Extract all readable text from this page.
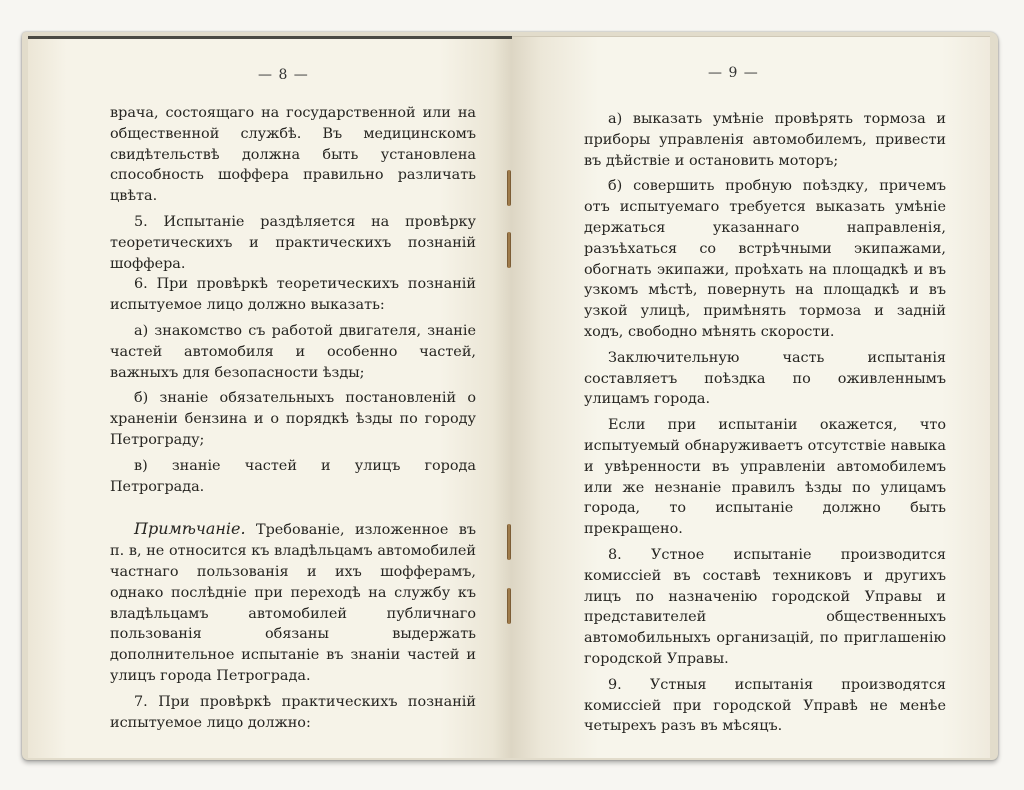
— 8 —

врача, состоящаго на государственной или на общественной службѣ. Въ медицинскомъ свидѣтельствѣ должна быть установлена способность шоффера правильно различать цвѣта.

5. Испытаніе раздѣляется на провѣрку теоретическихъ и практическихъ познаній шоффера.

6. При провѣркѣ теоретическихъ познаній испытуемое лицо должно выказать:

а) знакомство съ работой двигателя, знаніе частей автомобиля и особенно частей, важныхъ для безопасности ѣзды;

б) знаніе обязательныхъ постановленій о храненіи бензина и о порядкѣ ѣзды по городу Петрограду;

в) знаніе частей и улицъ города Петрограда.

Примѣчаніе. Требованіе, изложенное въ п. в, не относится къ владѣльцамъ автомобилей частнаго пользованія и ихъ шофферамъ, однако послѣдніе при переходѣ на службу къ владѣльцамъ автомобилей публичнаго пользованія обязаны выдержать дополнительное испытаніе въ знаніи частей и улицъ города Петрограда.

7. При провѣркѣ практическихъ познаній испытуемое лицо должно:

— 9 —

а) выказать умѣніе провѣрять тормоза и приборы управленія автомобилемъ, привести въ дѣйствіе и остановить моторъ;

б) совершить пробную поѣздку, причемъ отъ испытуемаго требуется выказать умѣніе держаться указаннаго направленія, разъѣхаться со встрѣчными экипажами, обогнать экипажи, проѣхать на площадкѣ и въ узкомъ мѣстѣ, повернуть на площадкѣ и въ узкой улицѣ, примѣнять тормоза и задній ходъ, свободно мѣнять скорости.

Заключительную часть испытанія составляетъ поѣздка по оживленнымъ улицамъ города.

Если при испытаніи окажется, что испытуемый обнаруживаетъ отсутствіе навыка и увѣренности въ управленіи автомобилемъ или же незнаніе правилъ ѣзды по улицамъ города, то испытаніе должно быть прекращено.

8. Устное испытаніе производится комиссіей въ составѣ техниковъ и другихъ лицъ по назначенію городской Управы и представителей общественныхъ автомобильныхъ организацій, по приглашенію городской Управы.

9. Устныя испытанія производятся комиссіей при городской Управѣ не менѣе четырехъ разъ въ мѣсяцъ.
